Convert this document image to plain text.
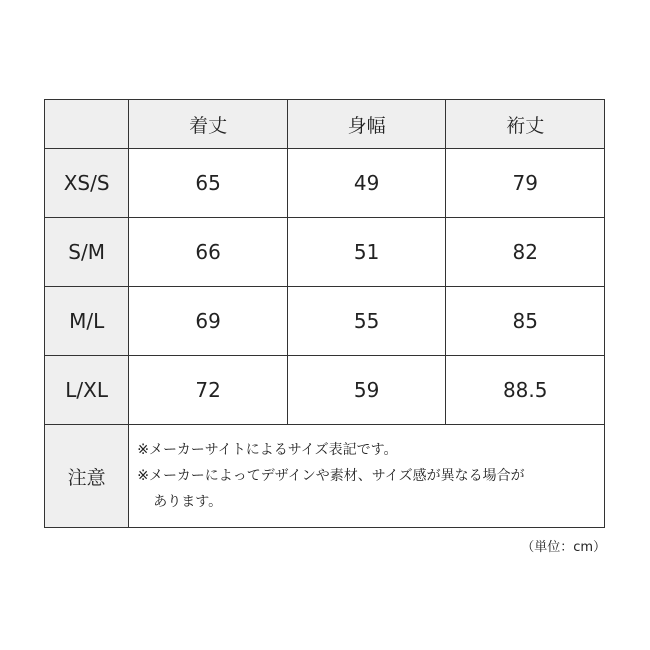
	着丈	身幅	裄丈
XS/S	65	49	79
S/M	66	51	82
M/L	69	55	85
L/XL	72	59	88.5
注意	※メーカーサイトによるサイズ表記です。
※メーカーによってデザインや素材、サイズ感が異なる場合が
あります。		
（単位：cm）
